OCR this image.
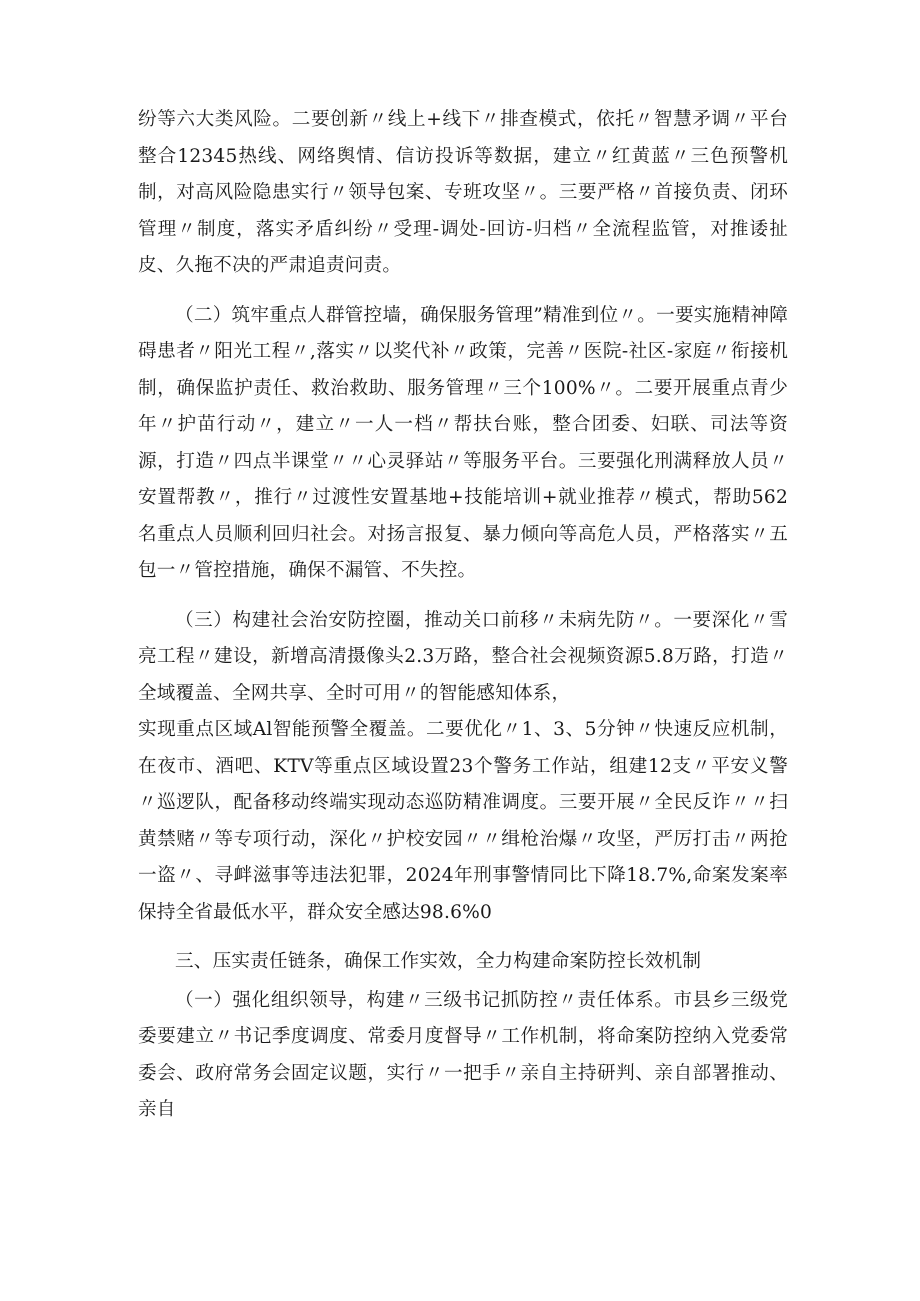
纷等六大类风险。二要创新〃线上+线下〃排查模式，依托〃智慧矛调〃平台整合12345热线、网络舆情、信访投诉等数据，建立〃红黄蓝〃三色预警机制，对高风险隐患实行〃领导包案、专班攻坚〃。三要严格〃首接负责、闭环管理〃制度，落实矛盾纠纷〃受理-调处-回访-归档〃全流程监管，对推诿扯皮、久拖不决的严肃追责问责。

（二）筑牢重点人群管控墙，确保服务管理”精准到位〃。一要实施精神障碍患者〃阳光工程〃,落实〃以奖代补〃政策，完善〃医院-社区-家庭〃衔接机制，确保监护责任、救治救助、服务管理〃三个100%〃。二要开展重点青少年〃护苗行动〃，建立〃一人一档〃帮扶台账，整合团委、妇联、司法等资源，打造〃四点半课堂〃〃心灵驿站〃等服务平台。三要强化刑满释放人员〃安置帮教〃，推行〃过渡性安置基地+技能培训+就业推荐〃模式，帮助562名重点人员顺利回归社会。对扬言报复、暴力倾向等高危人员，严格落实〃五包一〃管控措施，确保不漏管、不失控。

（三）构建社会治安防控圈，推动关口前移〃未病先防〃。一要深化〃雪亮工程〃建设，新增高清摄像头2.3万路，整合社会视频资源5.8万路，打造〃全域覆盖、全网共享、全时可用〃的智能感知体系，

实现重点区域Al智能预警全覆盖。二要优化〃1、3、5分钟〃快速反应机制，在夜市、酒吧、KTV等重点区域设置23个警务工作站，组建12支〃平安义警〃巡逻队，配备移动终端实现动态巡防精准调度。三要开展〃全民反诈〃〃扫黄禁赌〃等专项行动，深化〃护校安园〃〃缉枪治爆〃攻坚，严厉打击〃两抢一盗〃、寻衅滋事等违法犯罪，2024年刑事警情同比下降18.7%,命案发案率保持全省最低水平，群众安全感达98.6%0

三、压实责任链条，确保工作实效，全力构建命案防控长效机制

（一）强化组织领导，构建〃三级书记抓防控〃责任体系。市县乡三级党委要建立〃书记季度调度、常委月度督导〃工作机制，将命案防控纳入党委常委会、政府常务会固定议题，实行〃一把手〃亲自主持研判、亲自部署推动、亲自
